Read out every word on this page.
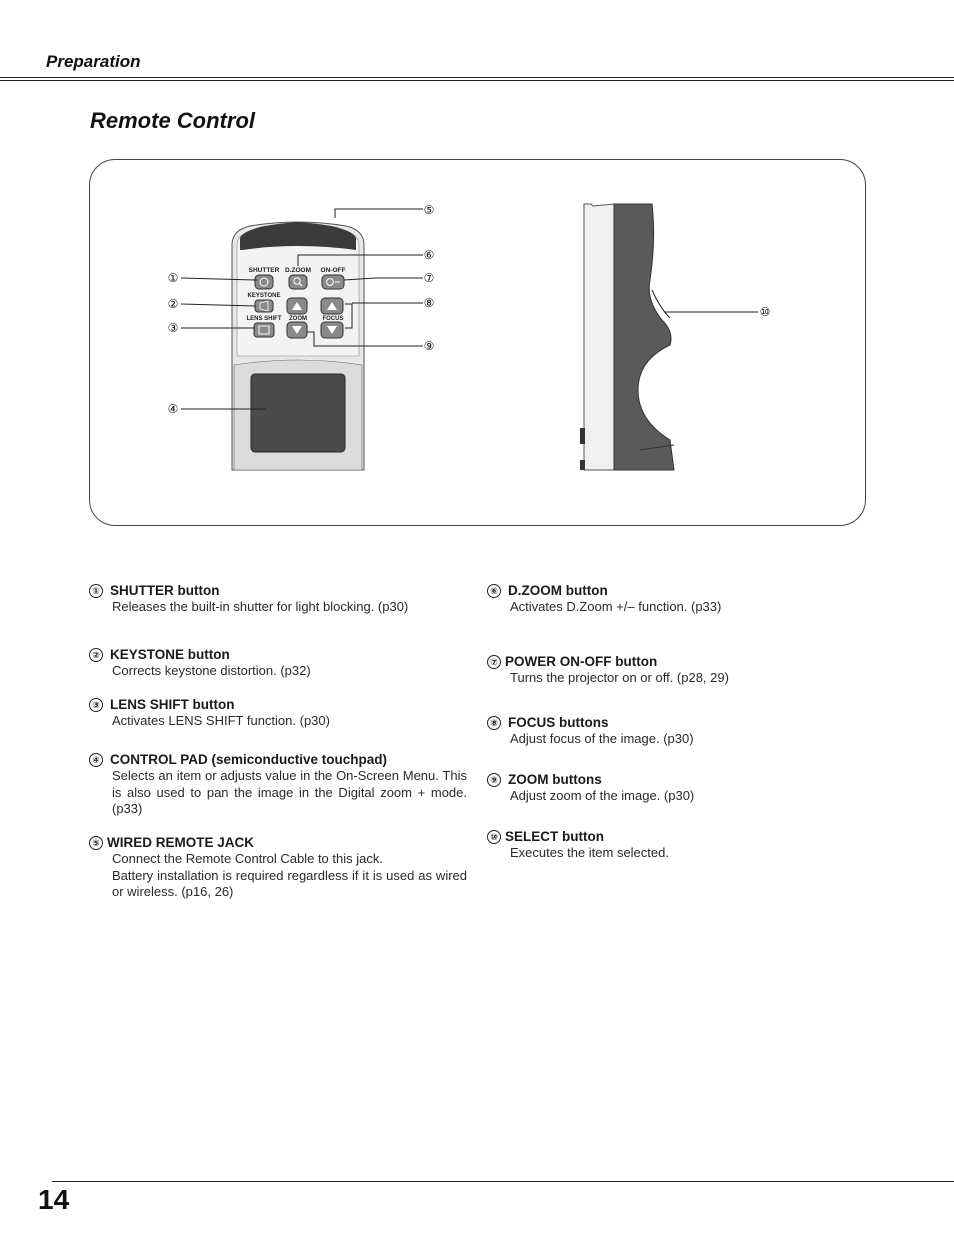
Preparation
Remote Control
SHUTTER D.ZOOM ON-OFF
KEYSTONE
LENS SHIFT ZOOM	FOCUS
①
②
③
④
⑤
⑥
⑦
⑧
⑨
⑩
① SHUTTER button

Releases the built-in shutter for light blocking. (p30)

② KEYSTONE button

Corrects keystone distortion. (p32)

③ LENS SHIFT button

Activates LENS SHIFT function. (p30)

④ CONTROL PAD (semiconductive touchpad)

Selects an item or adjusts value in the On-Screen Menu. This is also used to pan the image in the Digital zoom + mode. (p33)

⑤ WIRED REMOTE JACK

Connect the Remote Control Cable to this jack.

Battery installation is required regardless if it is used as wired or wireless. (p16, 26)

⑥ D.ZOOM button

Activates D.Zoom +/– function. (p33)

⑦ POWER ON-OFF button

Turns the projector on or off. (p28, 29)

⑧ FOCUS buttons

Adjust focus of the image. (p30)

⑨ ZOOM buttons

Adjust zoom of the image. (p30)

⑩ SELECT button

Executes the item selected.

14
